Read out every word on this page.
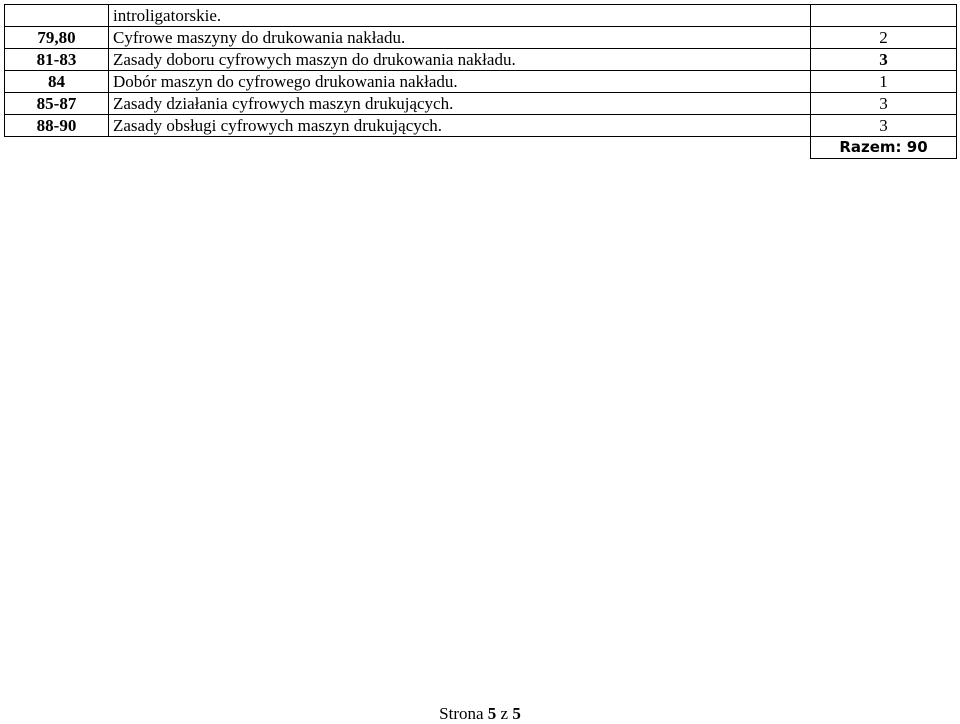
	introligatorskie.	
79,80	Cyfrowe maszyny do drukowania nakładu.	2
81-83	Zasady doboru cyfrowych maszyn do drukowania nakładu.	3
84	Dobór maszyn do cyfrowego drukowania nakładu.	1
85-87	Zasady działania cyfrowych maszyn drukujących.	3
88-90	Zasady obsługi cyfrowych maszyn drukujących.	3
		Razem: 90
Strona 5 z 5
